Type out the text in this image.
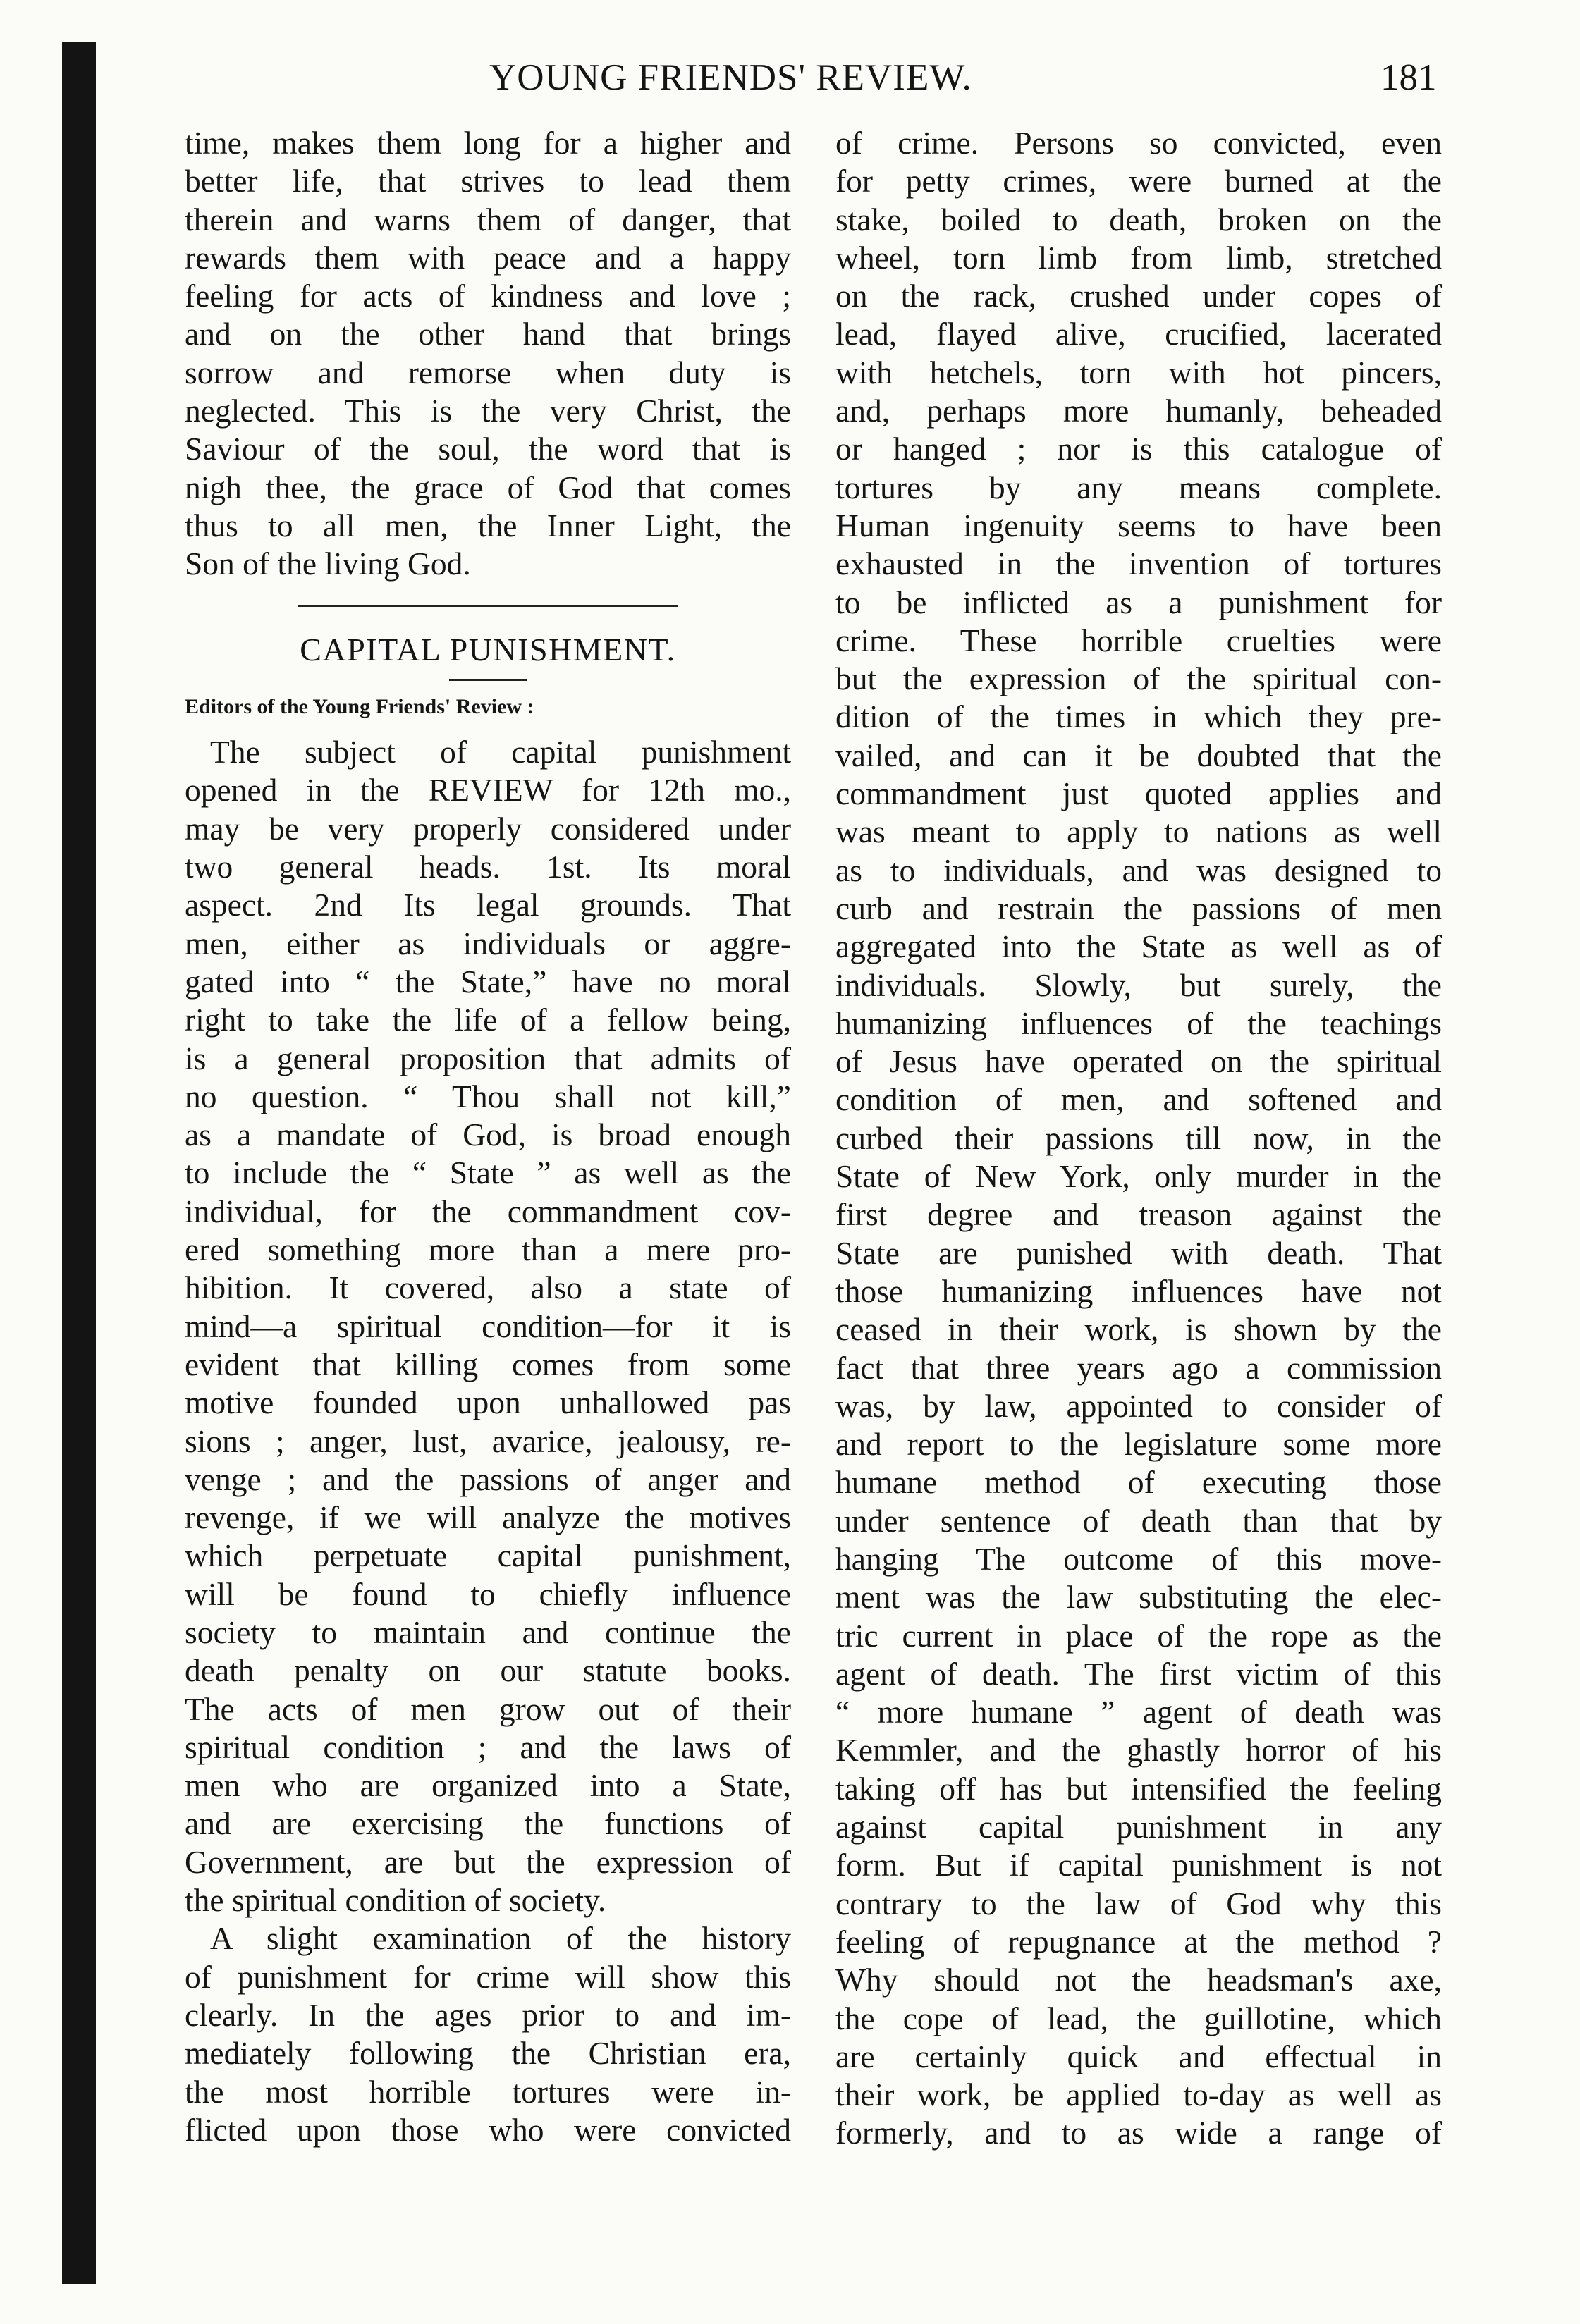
YOUNG FRIENDS' REVIEW.	181

time, makes them long for a higher and
better life, that strives to lead them
therein and warns them of danger, that
rewards them with peace and a happy
feeling for acts of kindness and love ;
and on the other hand that brings
sorrow and remorse when duty is
neglected. This is the very Christ, the
Saviour of the soul, the word that is
nigh thee, the grace of God that comes
thus to all men, the Inner Light, the
Son of the living God.

CAPITAL PUNISHMENT.
Editors of the Young Friends' Review :

The subject of capital punishment
opened in the REVIEW for 12th mo.,
may be very properly considered under
two general heads. 1st. Its moral
aspect. 2nd Its legal grounds. That
men, either as individuals or aggre-
gated into “ the State,” have no moral
right to take the life of a fellow being,
is a general proposition that admits of
no question. “ Thou shall not kill,”
as a mandate of God, is broad enough
to include the “ State ” as well as the
individual, for the commandment cov-
ered something more than a mere pro-
hibition. It covered, also a state of
mind—a spiritual condition—for it is
evident that killing comes from some
motive founded upon unhallowed pas
sions ; anger, lust, avarice, jealousy, re-
venge ; and the passions of anger and
revenge, if we will analyze the motives
which perpetuate capital punishment,
will be found to chiefly influence
society to maintain and continue the
death penalty on our statute books.
The acts of men grow out of their
spiritual condition ; and the laws of
men who are organized into a State,
and are exercising the functions of
Government, are but the expression of
the spiritual condition of society.

A slight examination of the history
of punishment for crime will show this
clearly. In the ages prior to and im-
mediately following the Christian era,
the most horrible tortures were in-
flicted upon those who were convicted

of crime. Persons so convicted, even
for petty crimes, were burned at the
stake, boiled to death, broken on the
wheel, torn limb from limb, stretched
on the rack, crushed under copes of
lead, flayed alive, crucified, lacerated
with hetchels, torn with hot pincers,
and, perhaps more humanly, beheaded
or hanged ; nor is this catalogue of
tortures by any means complete.
Human ingenuity seems to have been
exhausted in the invention of tortures
to be inflicted as a punishment for
crime. These horrible cruelties were
but the expression of the spiritual con-
dition of the times in which they pre-
vailed, and can it be doubted that the
commandment just quoted applies and
was meant to apply to nations as well
as to individuals, and was designed to
curb and restrain the passions of men
aggregated into the State as well as of
individuals. Slowly, but surely, the
humanizing influences of the teachings
of Jesus have operated on the spiritual
condition of men, and softened and
curbed their passions till now, in the
State of New York, only murder in the
first degree and treason against the
State are punished with death. That
those humanizing influences have not
ceased in their work, is shown by the
fact that three years ago a commission
was, by law, appointed to consider of
and report to the legislature some more
humane method of executing those
under sentence of death than that by
hanging The outcome of this move-
ment was the law substituting the elec-
tric current in place of the rope as the
agent of death. The first victim of this
“ more humane ” agent of death was
Kemmler, and the ghastly horror of his
taking off has but intensified the feeling
against capital punishment in any
form. But if capital punishment is not
contrary to the law of God why this
feeling of repugnance at the method ?
Why should not the headsman's axe,
the cope of lead, the guillotine, which
are certainly quick and effectual in
their work, be applied to-day as well as
formerly, and to as wide a range of
